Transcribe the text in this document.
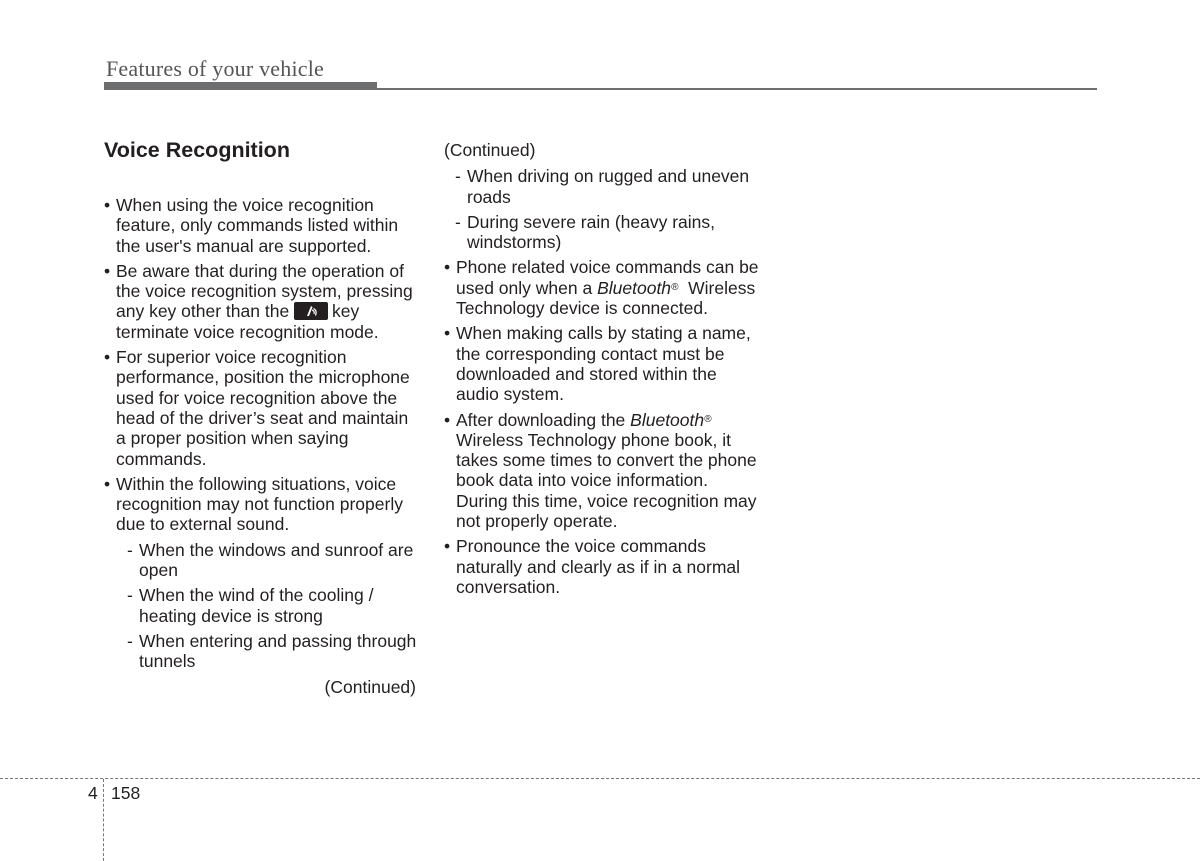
Features of your vehicle
Voice Recognition
• When using the voice recognition feature, only commands listed within the user's manual are supported.
• Be aware that during the operation of the voice recognition system, pressing any key other than the key terminate voice recognition mode.
• For superior voice recognition performance, position the microphone used for voice recognition above the head of the driver’s seat and maintain a proper position when saying commands.
• Within the following situations, voice recognition may not function properly due to external sound.
- When the windows and sunroof are open
- When the wind of the cooling / heating device is strong
- When entering and passing through tunnels
(Continued)
(Continued)
- When driving on rugged and uneven roads
- During severe rain (heavy rains, windstorms)
• Phone related voice commands can be used only when a Bluetooth® Wireless Technology device is connected.
• When making calls by stating a name, the corresponding contact must be downloaded and stored within the audio system.
• After downloading the Bluetooth® Wireless Technology phone book, it takes some times to convert the phone book data into voice information. During this time, voice recognition may not properly operate.
• Pronounce the voice commands naturally and clearly as if in a normal conversation.
4 158
